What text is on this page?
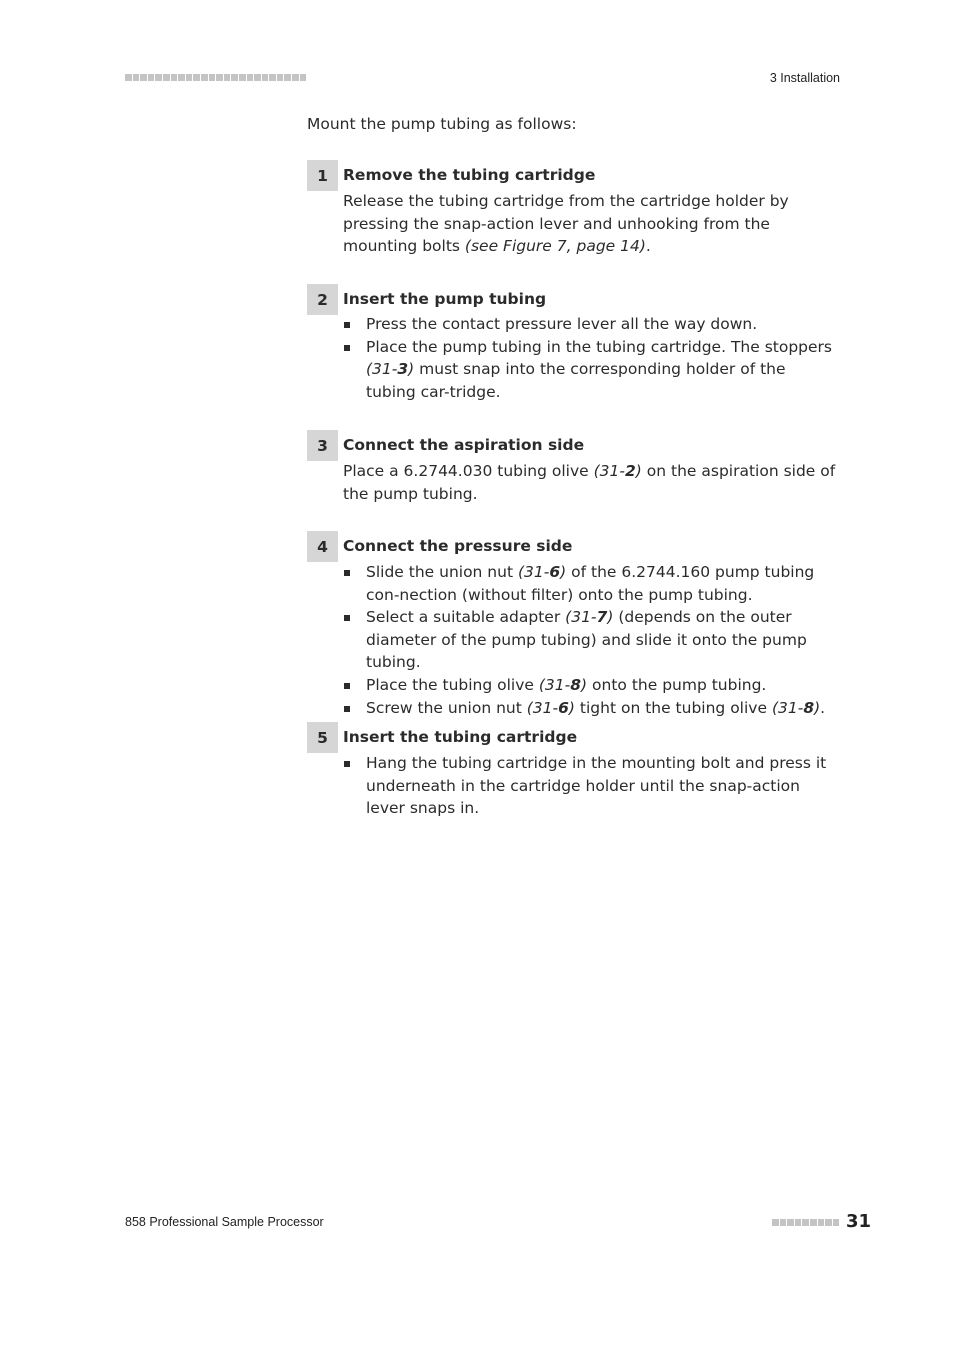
3 Installation
Mount the pump tubing as follows:
1 Remove the tubing cartridge

Release the tubing cartridge from the cartridge holder by pressing the snap-action lever and unhooking from the mounting bolts (see Figure 7, page 14).

2 Insert the pump tubing
Press the contact pressure lever all the way down.
Place the pump tubing in the tubing cartridge. The stoppers (31-3) must snap into the corresponding holder of the tubing car-tridge.
3 Connect the aspiration side

Place a 6.2744.030 tubing olive (31-2) on the aspiration side of the pump tubing.

4 Connect the pressure side
Slide the union nut (31-6) of the 6.2744.160 pump tubing con-nection (without filter) onto the pump tubing.
Select a suitable adapter (31-7) (depends on the outer diameter of the pump tubing) and slide it onto the pump tubing.
Place the tubing olive (31-8) onto the pump tubing.
Screw the union nut (31-6) tight on the tubing olive (31-8).
5 Insert the tubing cartridge
Hang the tubing cartridge in the mounting bolt and press it underneath in the cartridge holder until the snap-action lever snaps in.
858 Professional Sample Processor	31
